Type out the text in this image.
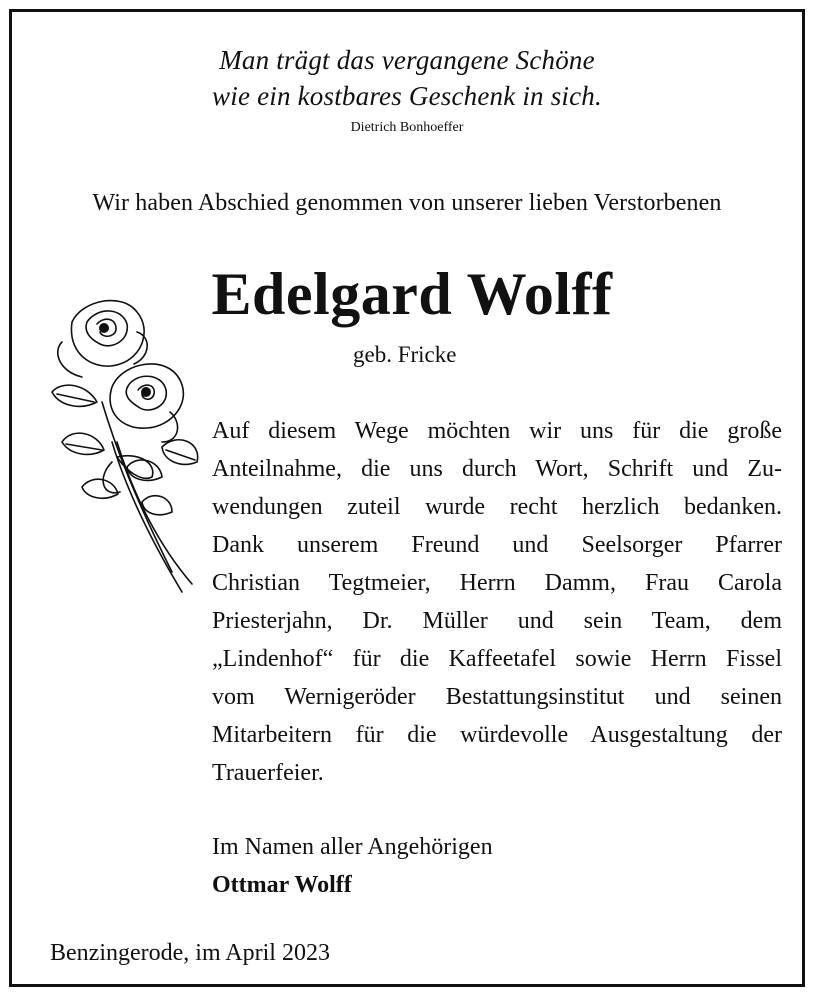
Man trägt das vergangene Schöne
wie ein kostbares Geschenk in sich.
Dietrich Bonhoeffer
Wir haben Abschied genommen von unserer lieben Verstorbenen
Edelgard Wolff
geb. Fricke
Auf diesem Wege möchten wir uns für die große
Anteilnahme, die uns durch Wort, Schrift und Zu-
wendungen zuteil wurde recht herzlich bedanken.
Dank unserem Freund und Seelsorger Pfarrer
Christian Tegtmeier, Herrn Damm, Frau Carola
Priesterjahn, Dr. Müller und sein Team, dem
„Lindenhof“ für die Kaffeetafel sowie Herrn Fissel
vom Wernigeröder Bestattungsinstitut und seinen
Mitarbeitern für die würdevolle Ausgestaltung der
Trauerfeier.
Im Namen aller Angehörigen
Ottmar Wolff
Benzingerode, im April 2023
